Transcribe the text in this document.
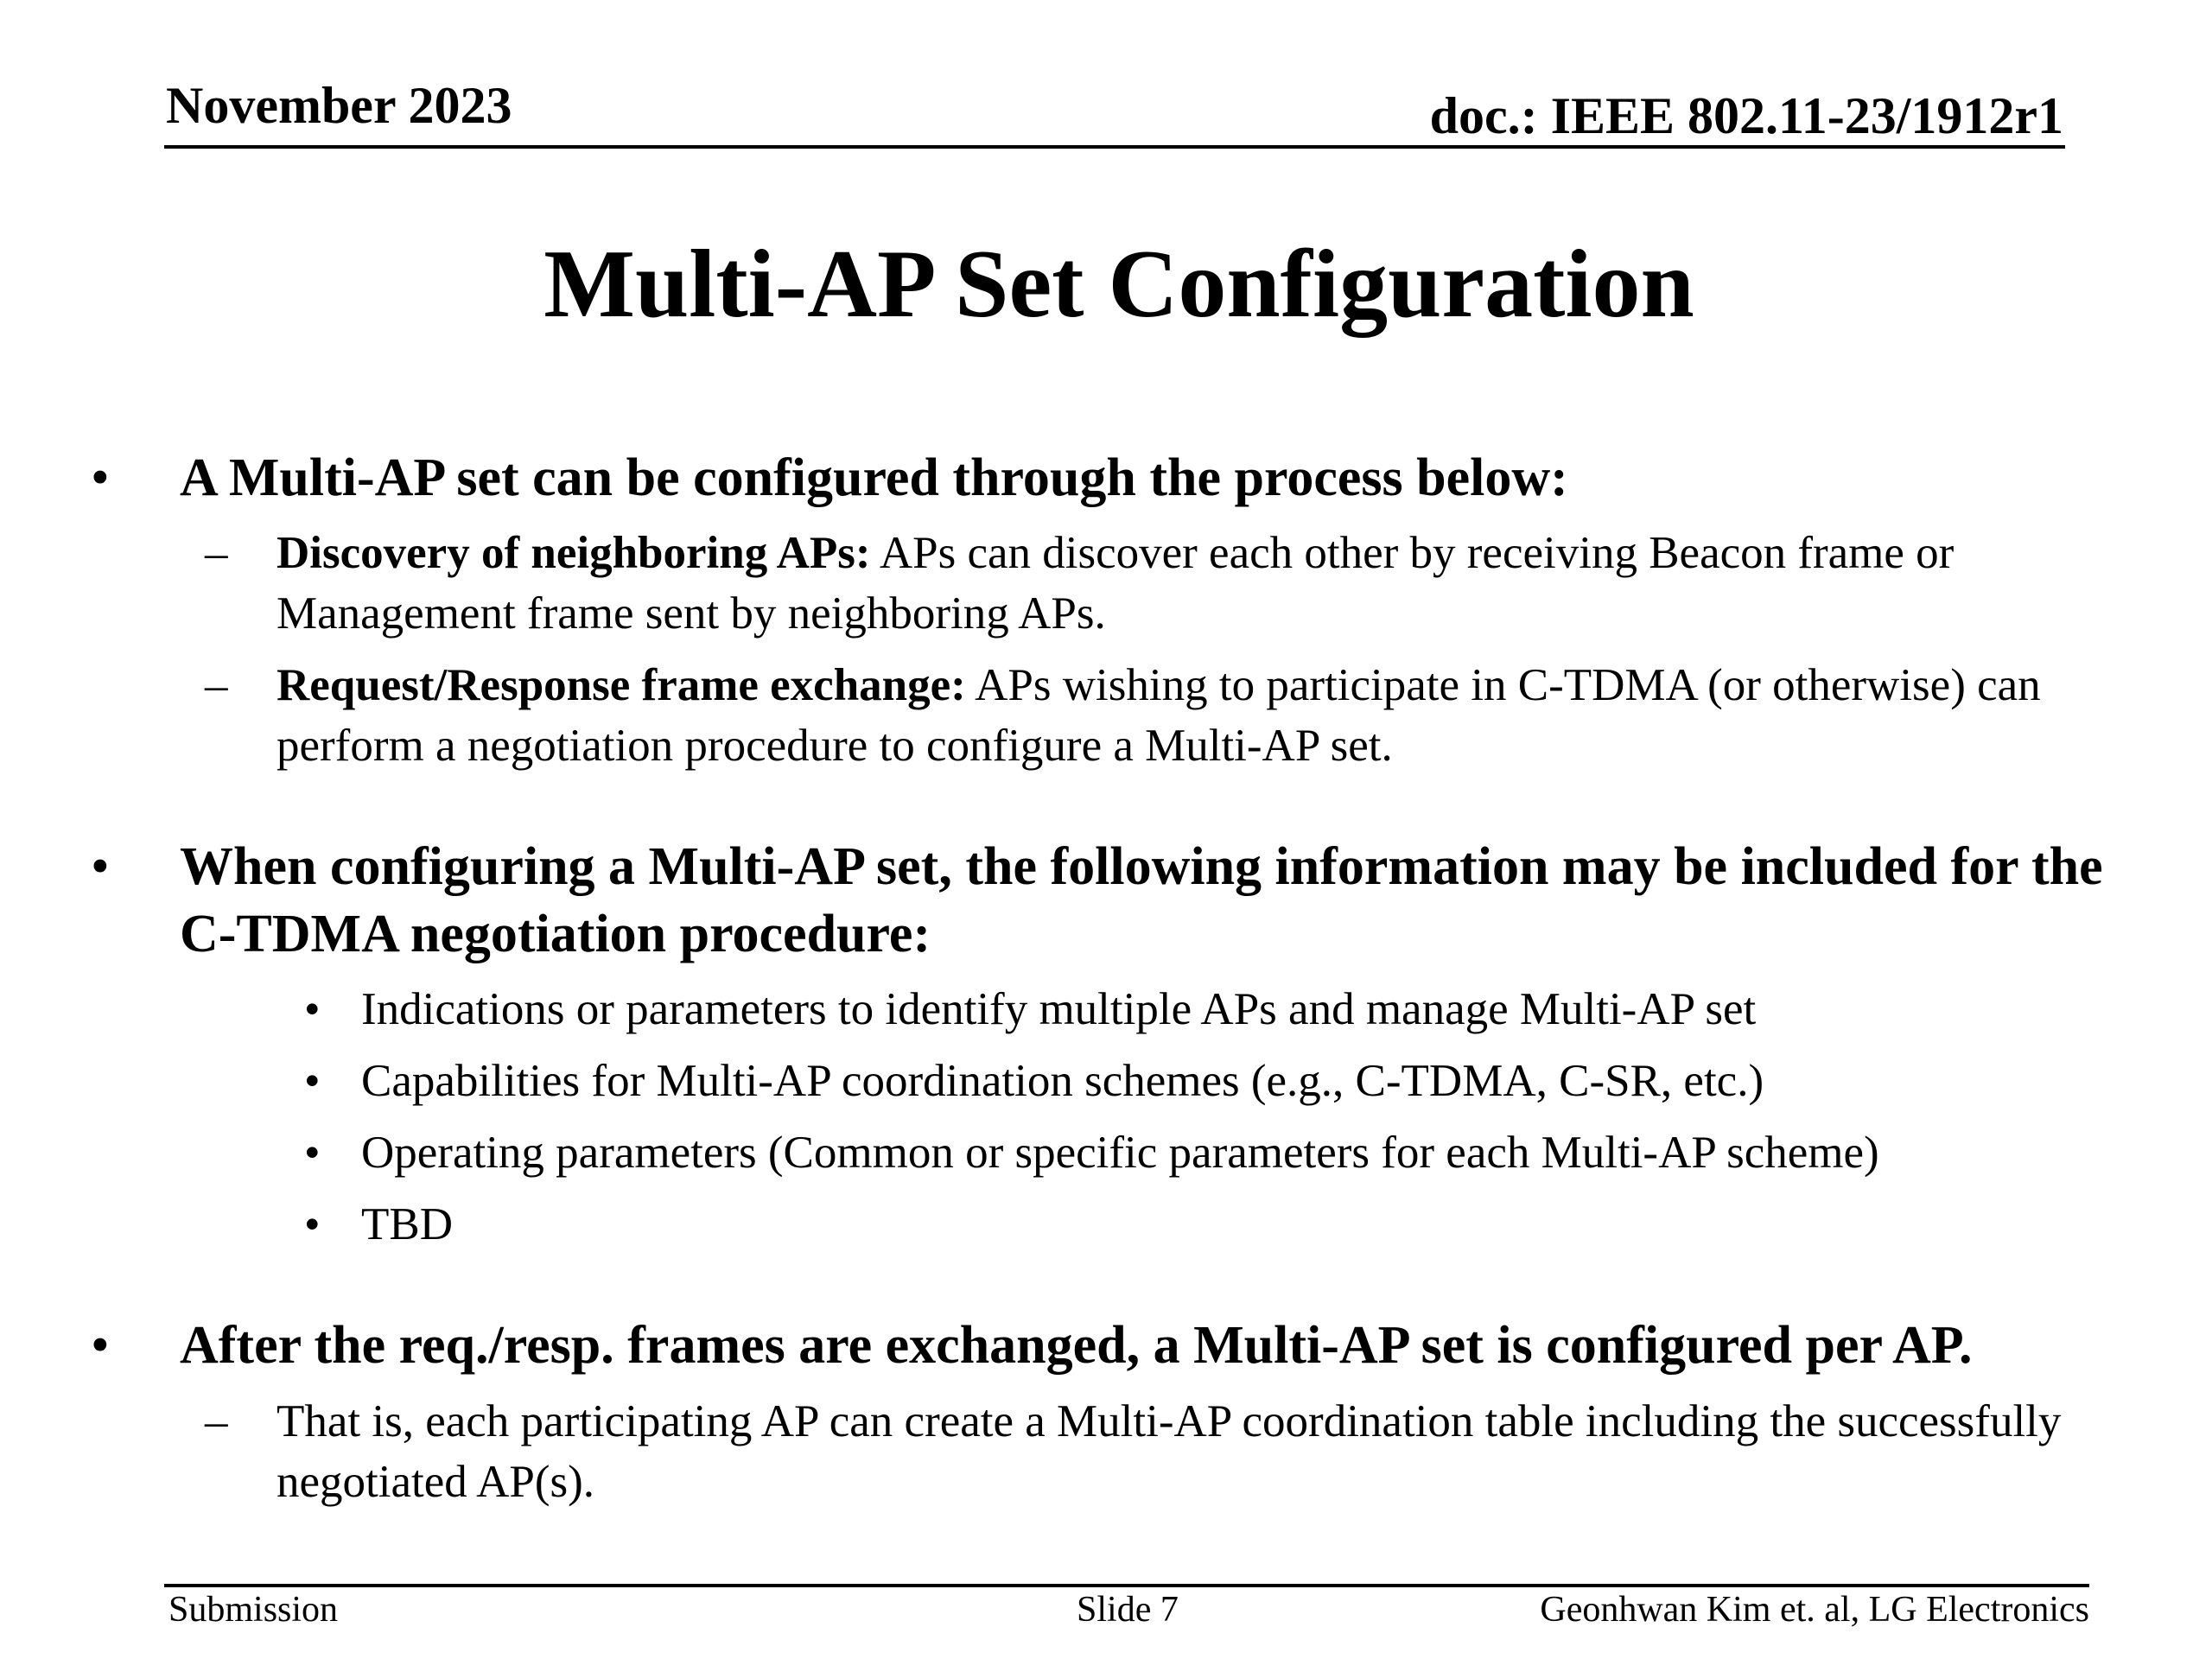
November 2023	doc.: IEEE 802.11-23/1912r1
Multi-AP Set Configuration
• A Multi-AP set can be configured through the process below:
– Discovery of neighboring APs: APs can discover each other by receiving Beacon frame or Management frame sent by neighboring APs.
– Request/Response frame exchange: APs wishing to participate in C-TDMA (or otherwise) can perform a negotiation procedure to configure a Multi-AP set.
• When configuring a Multi-AP set, the following information may be included for the C-TDMA negotiation procedure:
• Indications or parameters to identify multiple APs and manage Multi-AP set
• Capabilities for Multi-AP coordination schemes (e.g., C-TDMA, C-SR, etc.)
• Operating parameters (Common or specific parameters for each Multi-AP scheme)
• TBD
• After the req./resp. frames are exchanged, a Multi-AP set is configured per AP.
– That is, each participating AP can create a Multi-AP coordination table including the successfully negotiated AP(s).
Submission	Slide 7	Geonhwan Kim et. al, LG Electronics
